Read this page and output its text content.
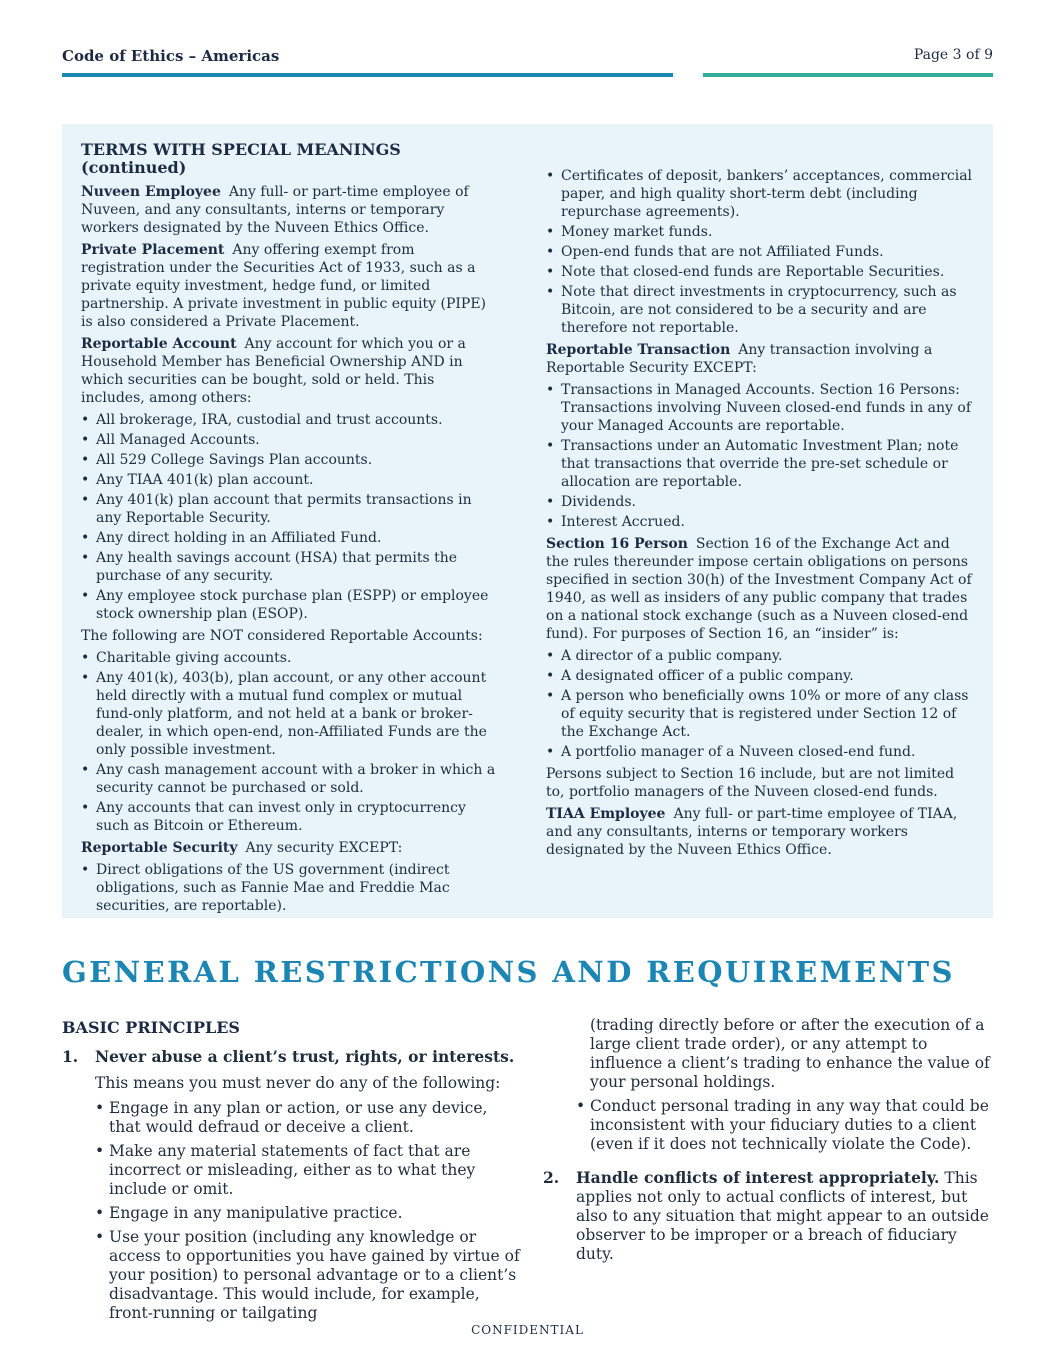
Code of Ethics – Americas	Page 3 of 9
TERMS WITH SPECIAL MEANINGS (continued)
Nuveen Employee Any full- or part-time employee of Nuveen, and any consultants, interns or temporary workers designated by the Nuveen Ethics Office.
Private Placement Any offering exempt from registration under the Securities Act of 1933, such as a private equity investment, hedge fund, or limited partnership. A private investment in public equity (PIPE) is also considered a Private Placement.
Reportable Account Any account for which you or a Household Member has Beneficial Ownership AND in which securities can be bought, sold or held. This includes, among others:
• All brokerage, IRA, custodial and trust accounts.
• All Managed Accounts.
• All 529 College Savings Plan accounts.
• Any TIAA 401(k) plan account.
• Any 401(k) plan account that permits transactions in any Reportable Security.
• Any direct holding in an Affiliated Fund.
• Any health savings account (HSA) that permits the purchase of any security.
• Any employee stock purchase plan (ESPP) or employee stock ownership plan (ESOP).
The following are NOT considered Reportable Accounts:
• Charitable giving accounts.
• Any 401(k), 403(b), plan account, or any other account held directly with a mutual fund complex or mutual fund-only platform, and not held at a bank or broker-dealer, in which open-end, non-Affiliated Funds are the only possible investment.
• Any cash management account with a broker in which a security cannot be purchased or sold.
• Any accounts that can invest only in cryptocurrency such as Bitcoin or Ethereum.
Reportable Security Any security EXCEPT:
• Direct obligations of the US government (indirect obligations, such as Fannie Mae and Freddie Mac securities, are reportable).
• Certificates of deposit, bankers’ acceptances, commercial paper, and high quality short-term debt (including repurchase agreements).
• Money market funds.
• Open-end funds that are not Affiliated Funds.
• Note that closed-end funds are Reportable Securities.
• Note that direct investments in cryptocurrency, such as Bitcoin, are not considered to be a security and are therefore not reportable.
Reportable Transaction Any transaction involving a Reportable Security EXCEPT:
• Transactions in Managed Accounts. Section 16 Persons: Transactions involving Nuveen closed-end funds in any of your Managed Accounts are reportable.
• Transactions under an Automatic Investment Plan; note that transactions that override the pre-set schedule or allocation are reportable.
• Dividends.
• Interest Accrued.
Section 16 Person Section 16 of the Exchange Act and the rules thereunder impose certain obligations on persons specified in section 30(h) of the Investment Company Act of 1940, as well as insiders of any public company that trades on a national stock exchange (such as a Nuveen closed-end fund). For purposes of Section 16, an “insider” is:
• A director of a public company.
• A designated officer of a public company.
• A person who beneficially owns 10% or more of any class of equity security that is registered under Section 12 of the Exchange Act.
• A portfolio manager of a Nuveen closed-end fund.
Persons subject to Section 16 include, but are not limited to, portfolio managers of the Nuveen closed-end funds.
TIAA Employee Any full- or part-time employee of TIAA, and any consultants, interns or temporary workers designated by the Nuveen Ethics Office.
GENERAL RESTRICTIONS AND REQUIREMENTS
BASIC PRINCIPLES
1. Never abuse a client’s trust, rights, or interests.
This means you must never do any of the following:
• Engage in any plan or action, or use any device, that would defraud or deceive a client.
• Make any material statements of fact that are incorrect or misleading, either as to what they include or omit.
• Engage in any manipulative practice.
• Use your position (including any knowledge or access to opportunities you have gained by virtue of your position) to personal advantage or to a client’s disadvantage. This would include, for example, front-running or tailgating
(trading directly before or after the execution of a large client trade order), or any attempt to influence a client’s trading to enhance the value of your personal holdings.
• Conduct personal trading in any way that could be inconsistent with your fiduciary duties to a client (even if it does not technically violate the Code).
2. Handle conflicts of interest appropriately. This applies not only to actual conflicts of interest, but also to any situation that might appear to an outside observer to be improper or a breach of fiduciary duty.
CONFIDENTIAL
